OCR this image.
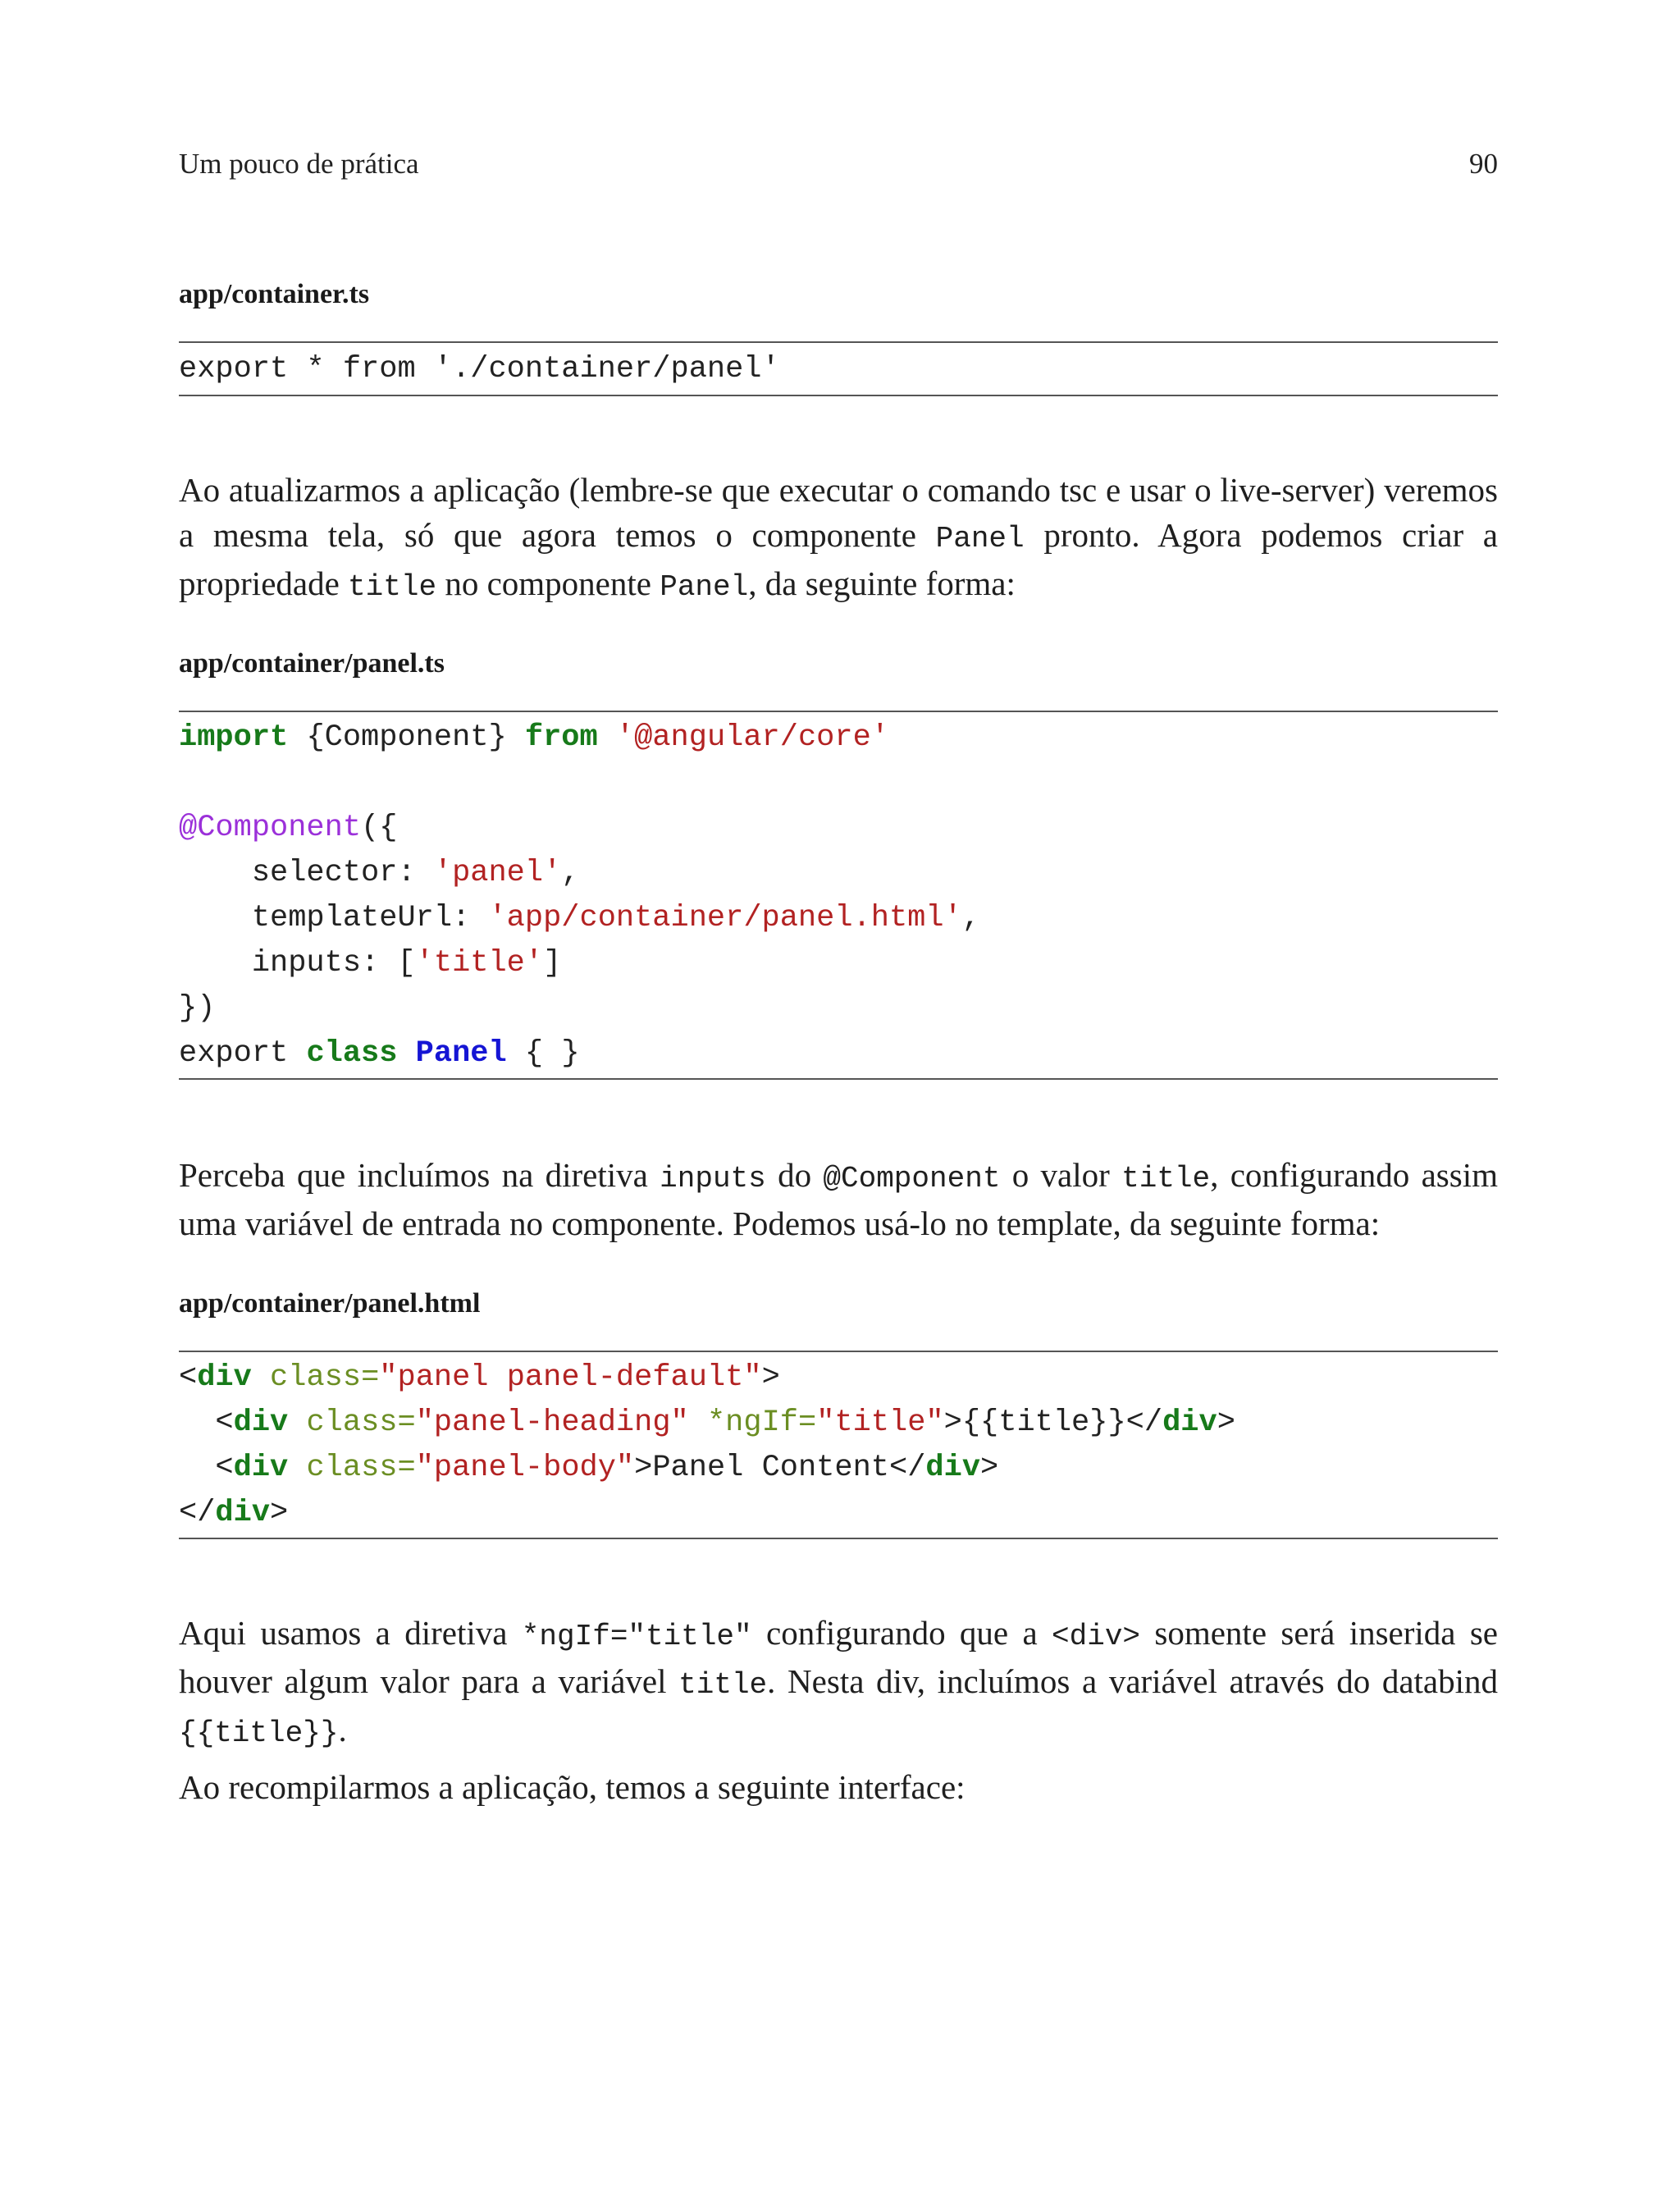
Um pouco de prática	90
app/container.ts
export * from './container/panel'
Ao atualizarmos a aplicação (lembre-se que executar o comando tsc e usar o live-server) veremos a mesma tela, só que agora temos o componente Panel pronto. Agora podemos criar a propriedade title no componente Panel, da seguinte forma:
app/container/panel.ts
import {Component} from '@angular/core'
@Component({
selector: 'panel',
templateUrl: 'app/container/panel.html',
inputs: ['title']
})
export class Panel { }
Perceba que incluímos na diretiva inputs do @Component o valor title, configurando assim uma variável de entrada no componente. Podemos usá-lo no template, da seguinte forma:
app/container/panel.html
<div class="panel panel-default">
<div class="panel-heading" *ngIf="title">{{title}}</div>
<div class="panel-body">Panel Content</div>
</div>
Aqui usamos a diretiva *ngIf="title" configurando que a <div> somente será inserida se houver algum valor para a variável title. Nesta div, incluímos a variável através do databind {{title}}.
Ao recompilarmos a aplicação, temos a seguinte interface:
